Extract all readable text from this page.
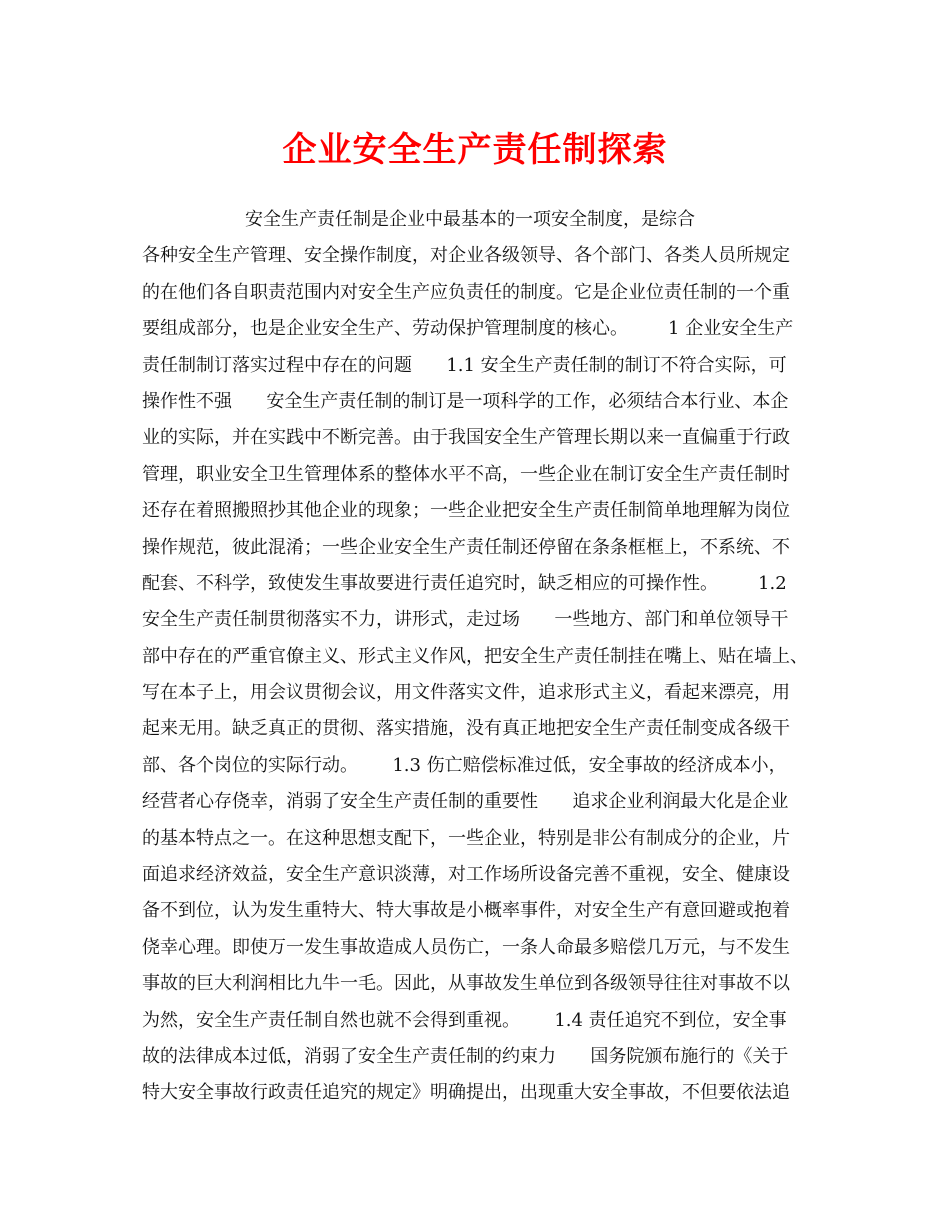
企业安全生产责任制探索
安全生产责任制是企业中最基本的一项安全制度，是综合
各种安全生产管理、安全操作制度，对企业各级领导、各个部门、各类人员所规定
的在他们各自职责范围内对安全生产应负责任的制度。它是企业位责任制的一个重
要组成部分，也是企业安全生产、劳动保护管理制度的核心。       1 企业安全生产
责任制制订落实过程中存在的问题      1.1 安全生产责任制的制订不符合实际，可
操作性不强      安全生产责任制的制订是一项科学的工作，必须结合本行业、本企
业的实际，并在实践中不断完善。由于我国安全生产管理长期以来一直偏重于行政
管理，职业安全卫生管理体系的整体水平不高，一些企业在制订安全生产责任制时
还存在着照搬照抄其他企业的现象；一些企业把安全生产责任制简单地理解为岗位
操作规范，彼此混淆；一些企业安全生产责任制还停留在条条框框上，不系统、不
配套、不科学，致使发生事故要进行责任追究时，缺乏相应的可操作性。       1.2
安全生产责任制贯彻落实不力，讲形式，走过场      一些地方、部门和单位领导干
部中存在的严重官僚主义、形式主义作风，把安全生产责任制挂在嘴上、贴在墙上、
写在本子上，用会议贯彻会议，用文件落实文件，追求形式主义，看起来漂亮，用
起来无用。缺乏真正的贯彻、落实措施，没有真正地把安全生产责任制变成各级干
部、各个岗位的实际行动。      1.3 伤亡赔偿标准过低，安全事故的经济成本小，
经营者心存侥幸，消弱了安全生产责任制的重要性      追求企业利润最大化是企业
的基本特点之一。在这种思想支配下，一些企业，特别是非公有制成分的企业，片
面追求经济效益，安全生产意识淡薄，对工作场所设备完善不重视，安全、健康设
备不到位，认为发生重特大、特大事故是小概率事件，对安全生产有意回避或抱着
侥幸心理。即使万一发生事故造成人员伤亡，一条人命最多赔偿几万元，与不发生
事故的巨大利润相比九牛一毛。因此，从事故发生单位到各级领导往往对事故不以
为然，安全生产责任制自然也就不会得到重视。      1.4 责任追究不到位，安全事
故的法律成本过低，消弱了安全生产责任制的约束力      国务院颁布施行的《关于
特大安全事故行政责任追究的规定》明确提出，出现重大安全事故，不但要依法追
